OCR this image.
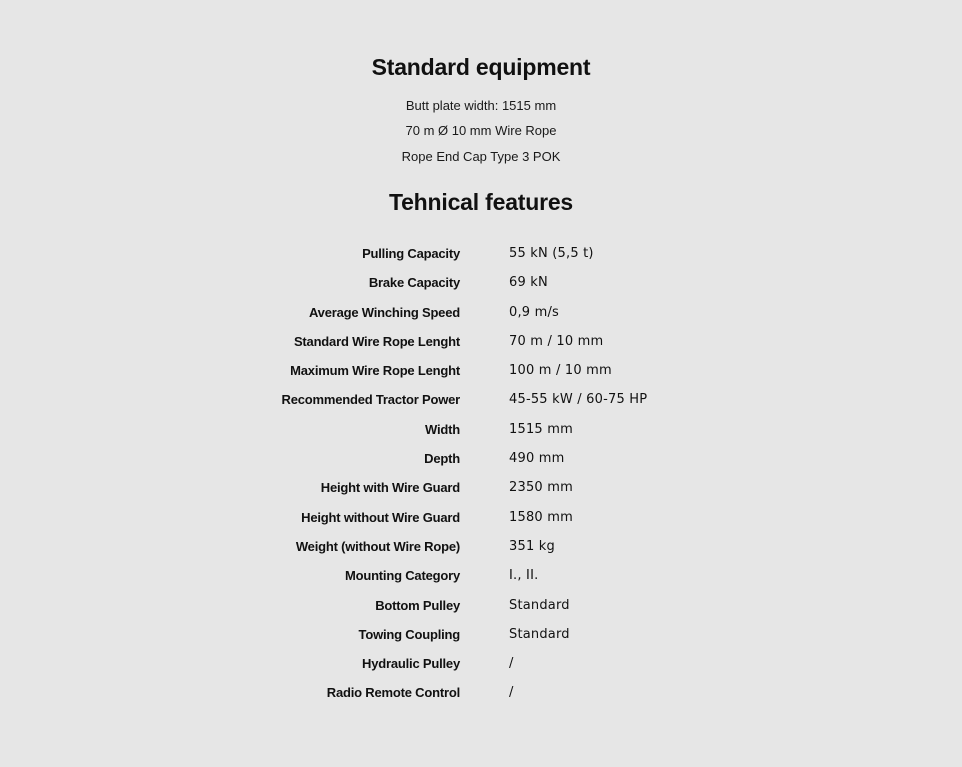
Standard equipment
Butt plate width: 1515 mm
70 m Ø 10 mm Wire Rope
Rope End Cap Type 3 POK
Tehnical features
Pulling Capacity	55 kN (5,5 t)
Brake Capacity	69 kN
Average Winching Speed	0,9 m/s
Standard Wire Rope Lenght	70 m / 10 mm
Maximum Wire Rope Lenght	100 m / 10 mm
Recommended Tractor Power	45-55 kW / 60-75 HP
Width	1515 mm
Depth	490 mm
Height with Wire Guard	2350 mm
Height without Wire Guard	1580 mm
Weight (without Wire Rope)	351 kg
Mounting Category	I., II.
Bottom Pulley	Standard
Towing Coupling	Standard
Hydraulic Pulley	/
Radio Remote Control	/
